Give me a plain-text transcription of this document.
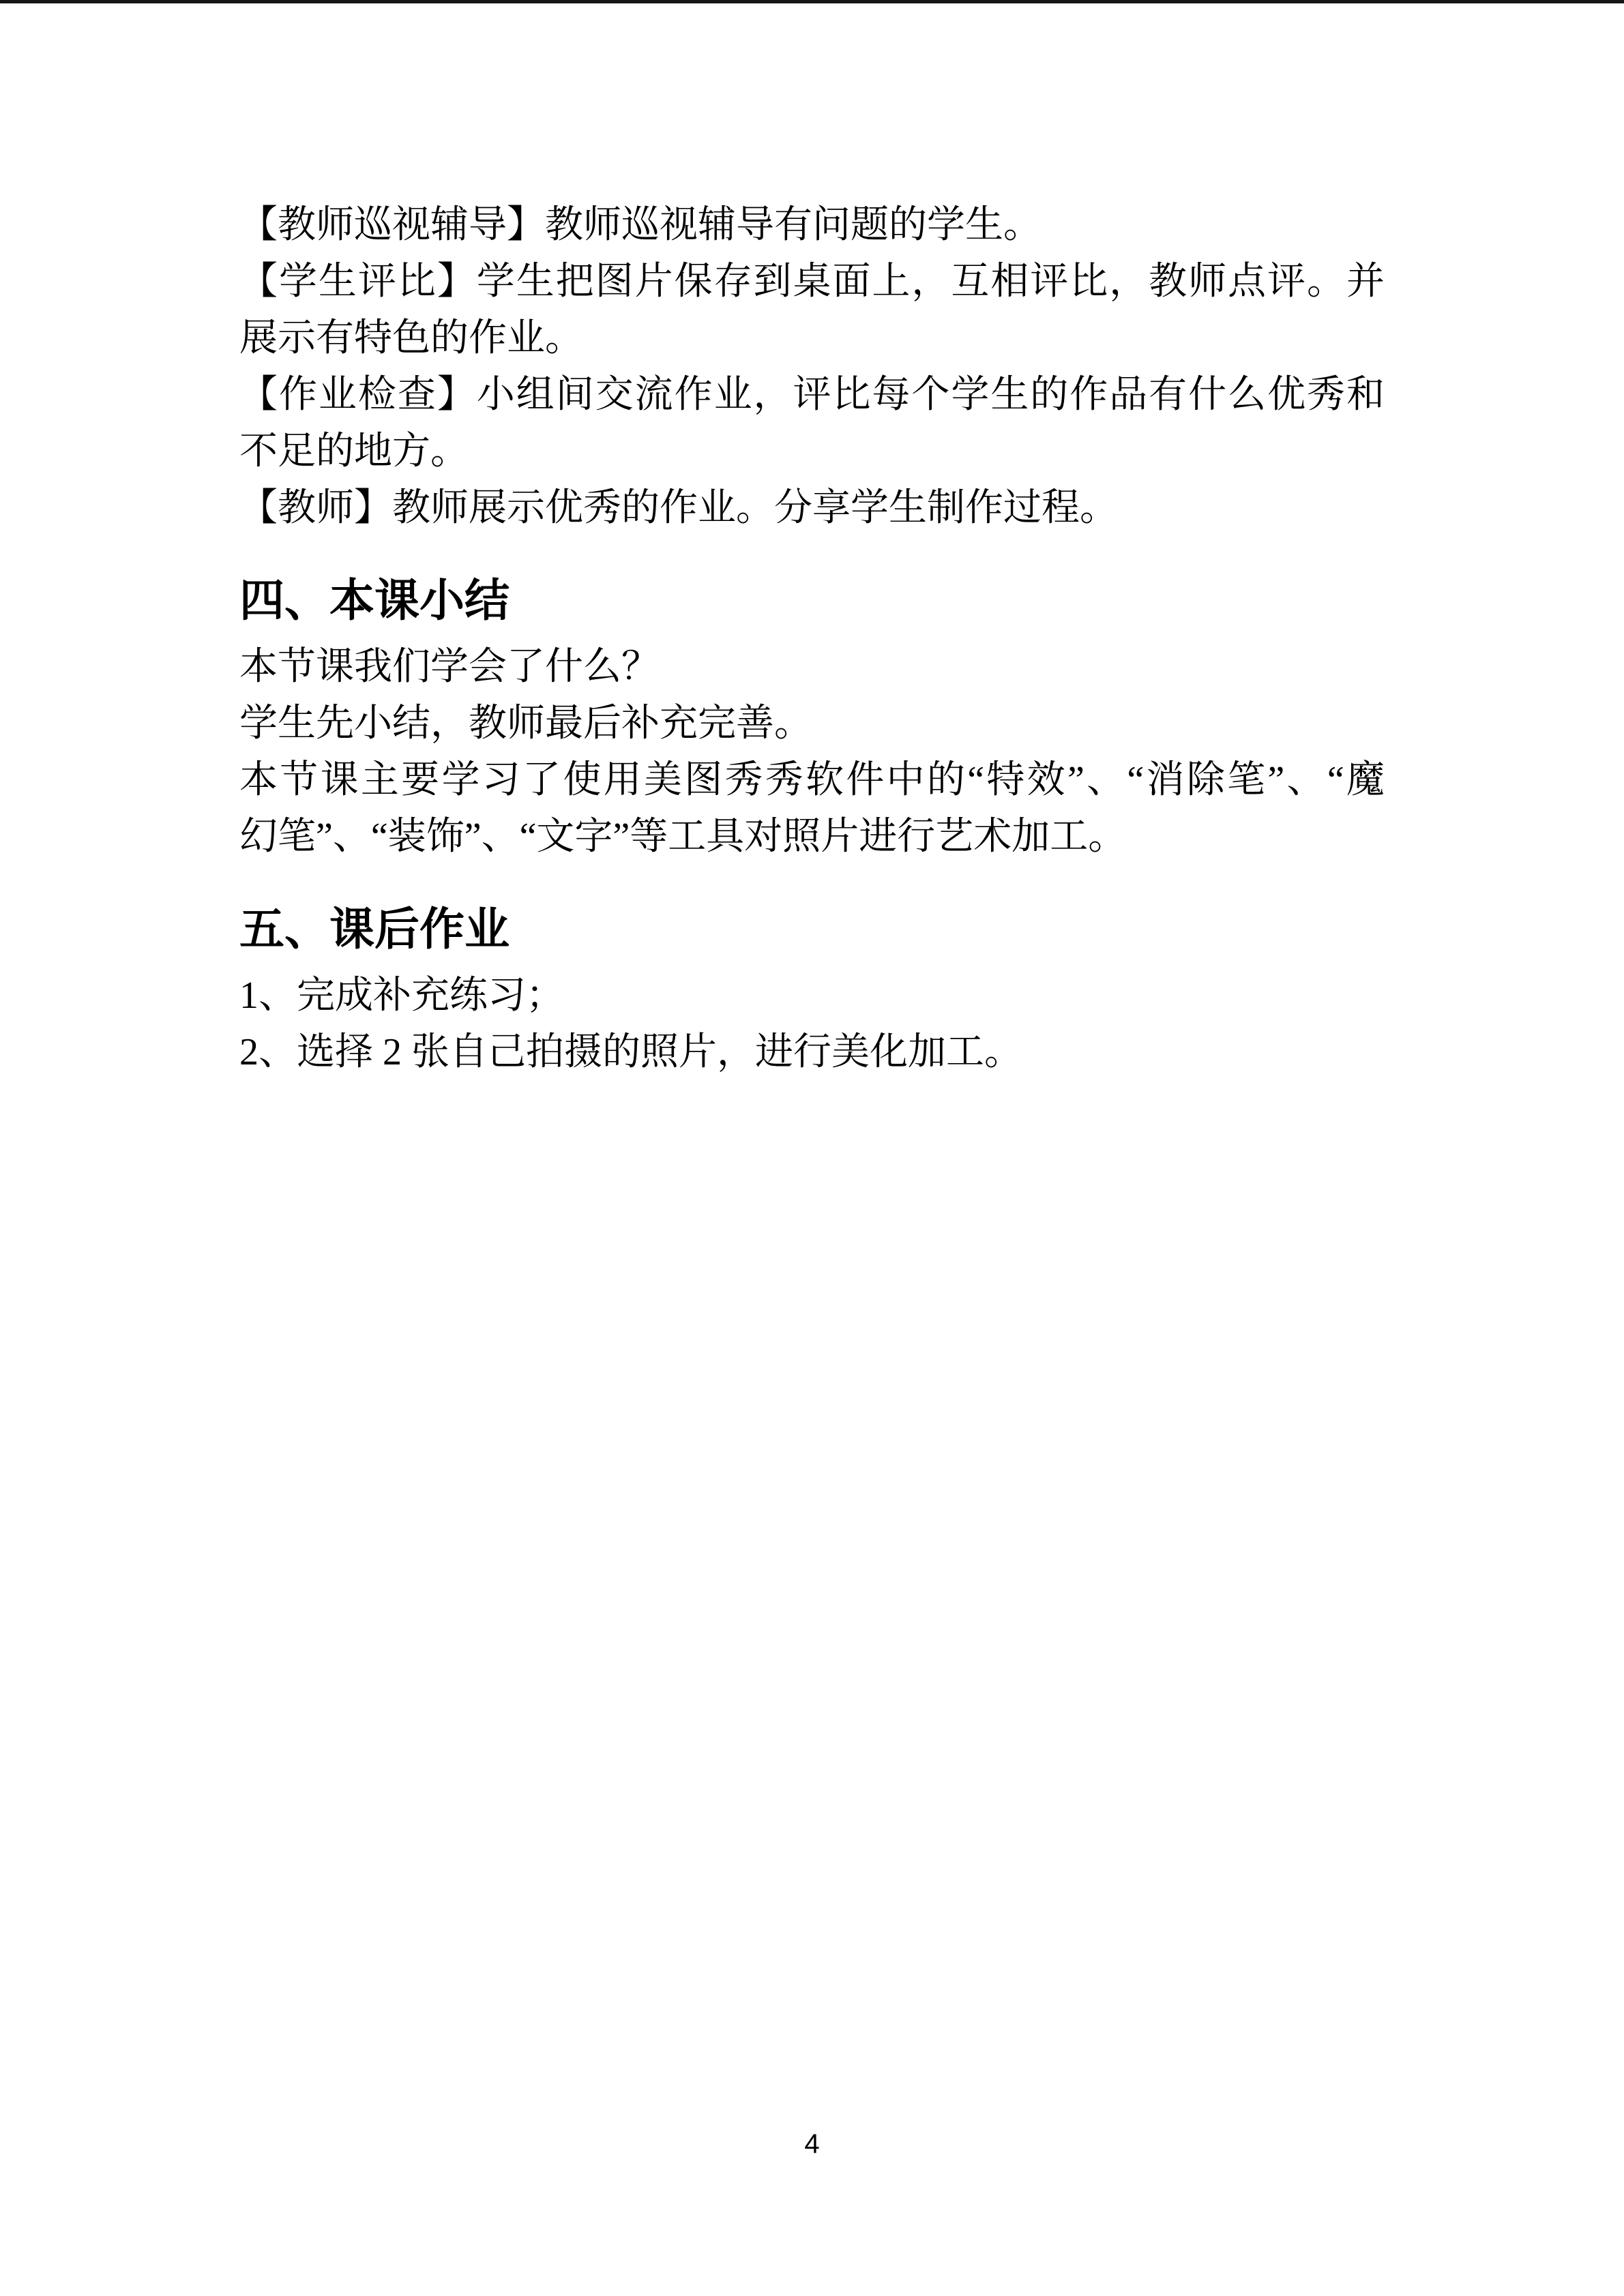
【教师巡视辅导】教师巡视辅导有问题的学生。

【学生评比】学生把图片保存到桌面上，互相评比，教师点评。并

展示有特色的作业。

【作业检查】小组间交流作业，评比每个学生的作品有什么优秀和

不足的地方。

【教师】教师展示优秀的作业。分享学生制作过程。

四、本课小结

本节课我们学会了什么？

学生先小结，教师最后补充完善。

本节课主要学习了使用美图秀秀软件中的“特效”、“消除笔”、“魔

幻笔”、“装饰”、“文字”等工具对照片进行艺术加工。

五、课后作业

1、完成补充练习；

2、选择 2 张自己拍摄的照片，进行美化加工。

4
